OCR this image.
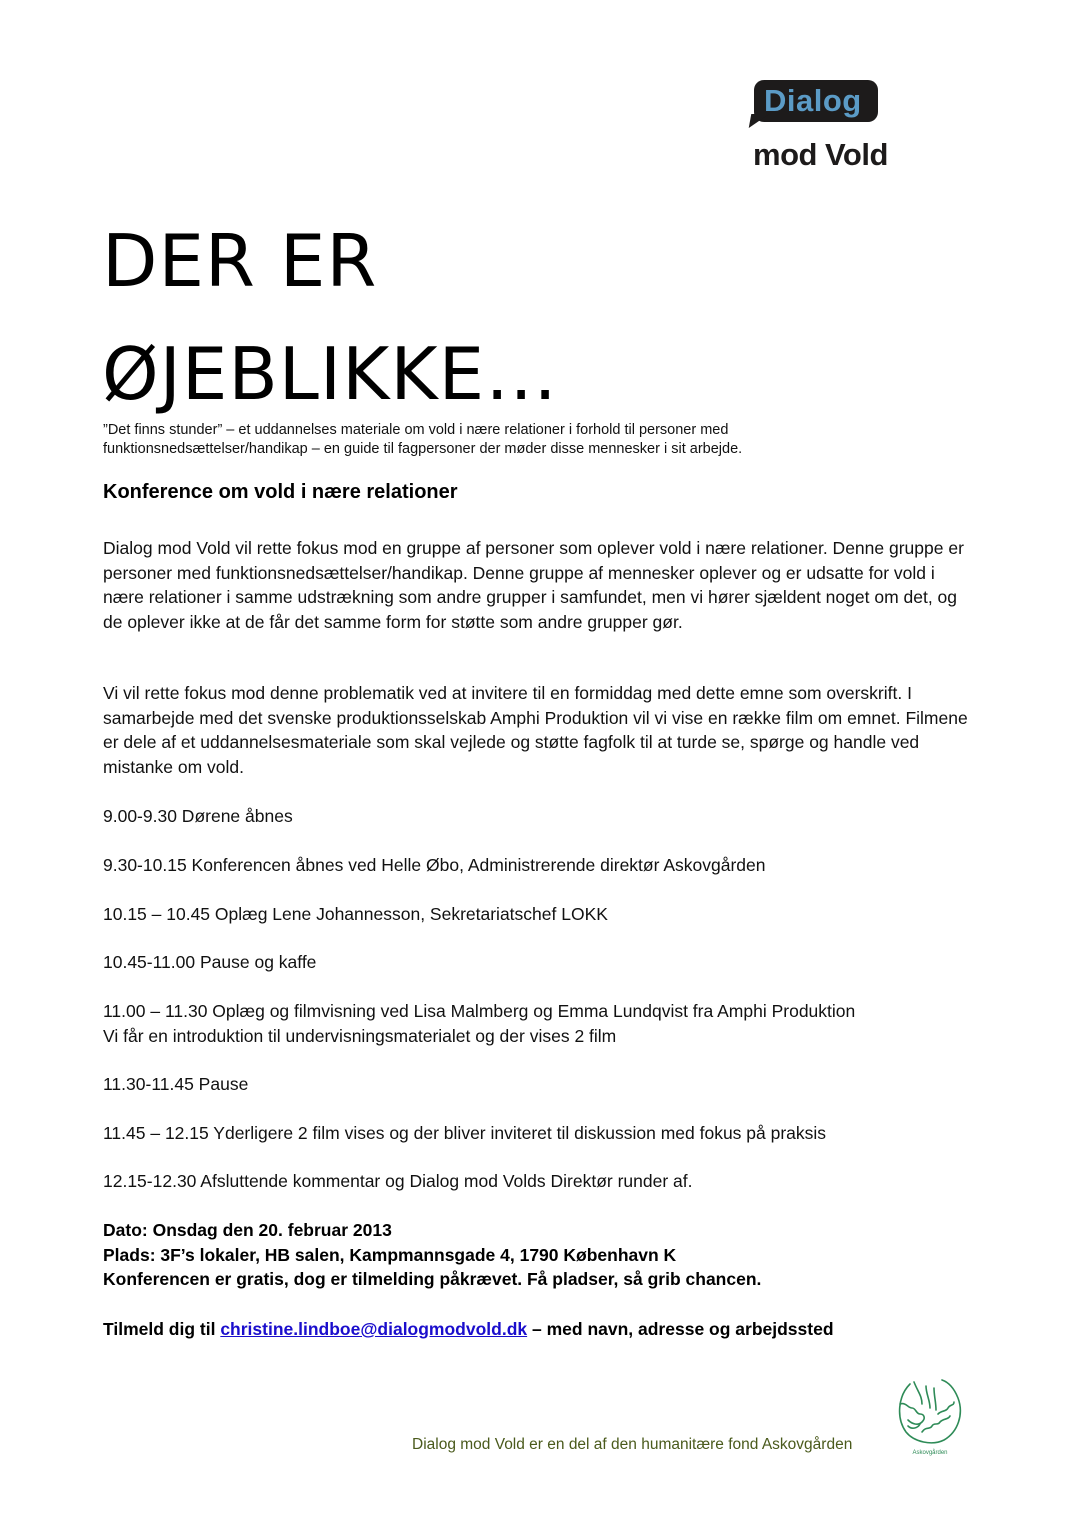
Dialog
mod Vold
DER ER
ØJEBLIKKE…
”Det finns stunder” – et uddannelses materiale om vold i nære relationer i forhold til personer med funktionsnedsættelser/handikap – en guide til fagpersoner der møder disse mennesker i sit arbejde.
Konference om vold i nære relationer

Dialog mod Vold vil rette fokus mod en gruppe af personer som oplever vold i nære relationer. Denne gruppe er personer med funktionsnedsættelser/handikap. Denne gruppe af mennesker oplever og er udsatte for vold i nære relationer i samme udstrækning som andre grupper i samfundet, men vi hører sjældent noget om det, og de oplever ikke at de får det samme form for støtte som andre grupper gør.

Vi vil rette fokus mod denne problematik ved at invitere til en formiddag med dette emne som overskrift. I samarbejde med det svenske produktionsselskab Amphi Produktion vil vi vise en række film om emnet. Filmene er dele af et uddannelsesmateriale som skal vejlede og støtte fagfolk til at turde se, spørge og handle ved mistanke om vold.

9.00-9.30 Dørene åbnes
9.30-10.15 Konferencen åbnes ved Helle Øbo, Administrerende direktør Askovgården
10.15 – 10.45 Oplæg Lene Johannesson, Sekretariatschef LOKK
10.45-11.00 Pause og kaffe
11.00 – 11.30 Oplæg og filmvisning ved Lisa Malmberg og Emma Lundqvist fra Amphi Produktion
Vi får en introduktion til undervisningsmaterialet og der vises 2 film
11.30-11.45 Pause
11.45 – 12.15 Yderligere 2 film vises og der bliver inviteret til diskussion med fokus på praksis
12.15-12.30 Afsluttende kommentar og Dialog mod Volds Direktør runder af.
Dato: Onsdag den 20. februar 2013
Plads: 3F’s lokaler, HB salen, Kampmannsgade 4, 1790 København K
Konferencen er gratis, dog er tilmelding påkrævet. Få pladser, så grib chancen.
Tilmeld dig til christine.lindboe@dialogmodvold.dk – med navn, adresse og arbejdssted
Dialog mod Vold er en del af den humanitære fond Askovgården	Askovgården
